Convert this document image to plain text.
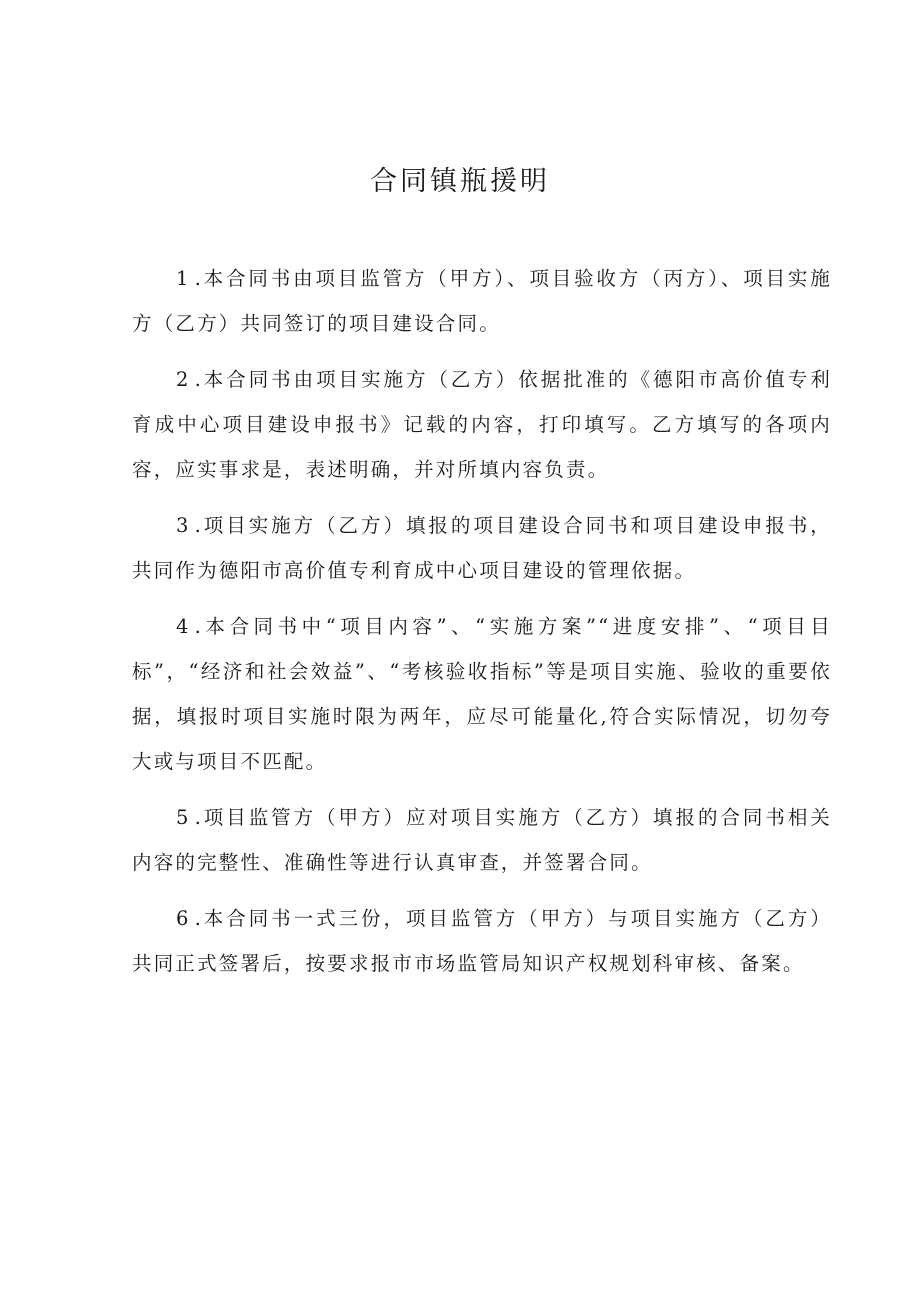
合同镇瓶援明
1 .本合同书由项目监管方（甲方）、项目验收方（丙方）、项目实施方（乙方）共同签订的项目建设合同。
2 .本合同书由项目实施方（乙方）依据批准的《德阳市高价值专利育成中心项目建设申报书》记载的内容，打印填写。乙方填写的各项内容，应实事求是，表述明确，并对所填内容负责。
3 .项目实施方（乙方）填报的项目建设合同书和项目建设申报书，共同作为德阳市高价值专利育成中心项目建设的管理依据。
4 .本合同书中“项目内容”、“实施方案”“进度安排”、“项目目标”，“经济和社会效益”、“考核验收指标”等是项目实施、验收的重要依据，填报时项目实施时限为两年，应尽可能量化,符合实际情况，切勿夸大或与项目不匹配。
5 .项目监管方（甲方）应对项目实施方（乙方）填报的合同书相关内容的完整性、准确性等进行认真审查，并签署合同。
6 .本合同书一式三份，项目监管方（甲方）与项目实施方（乙方）共同正式签署后，按要求报市市场监管局知识产权规划科审核、备案。
